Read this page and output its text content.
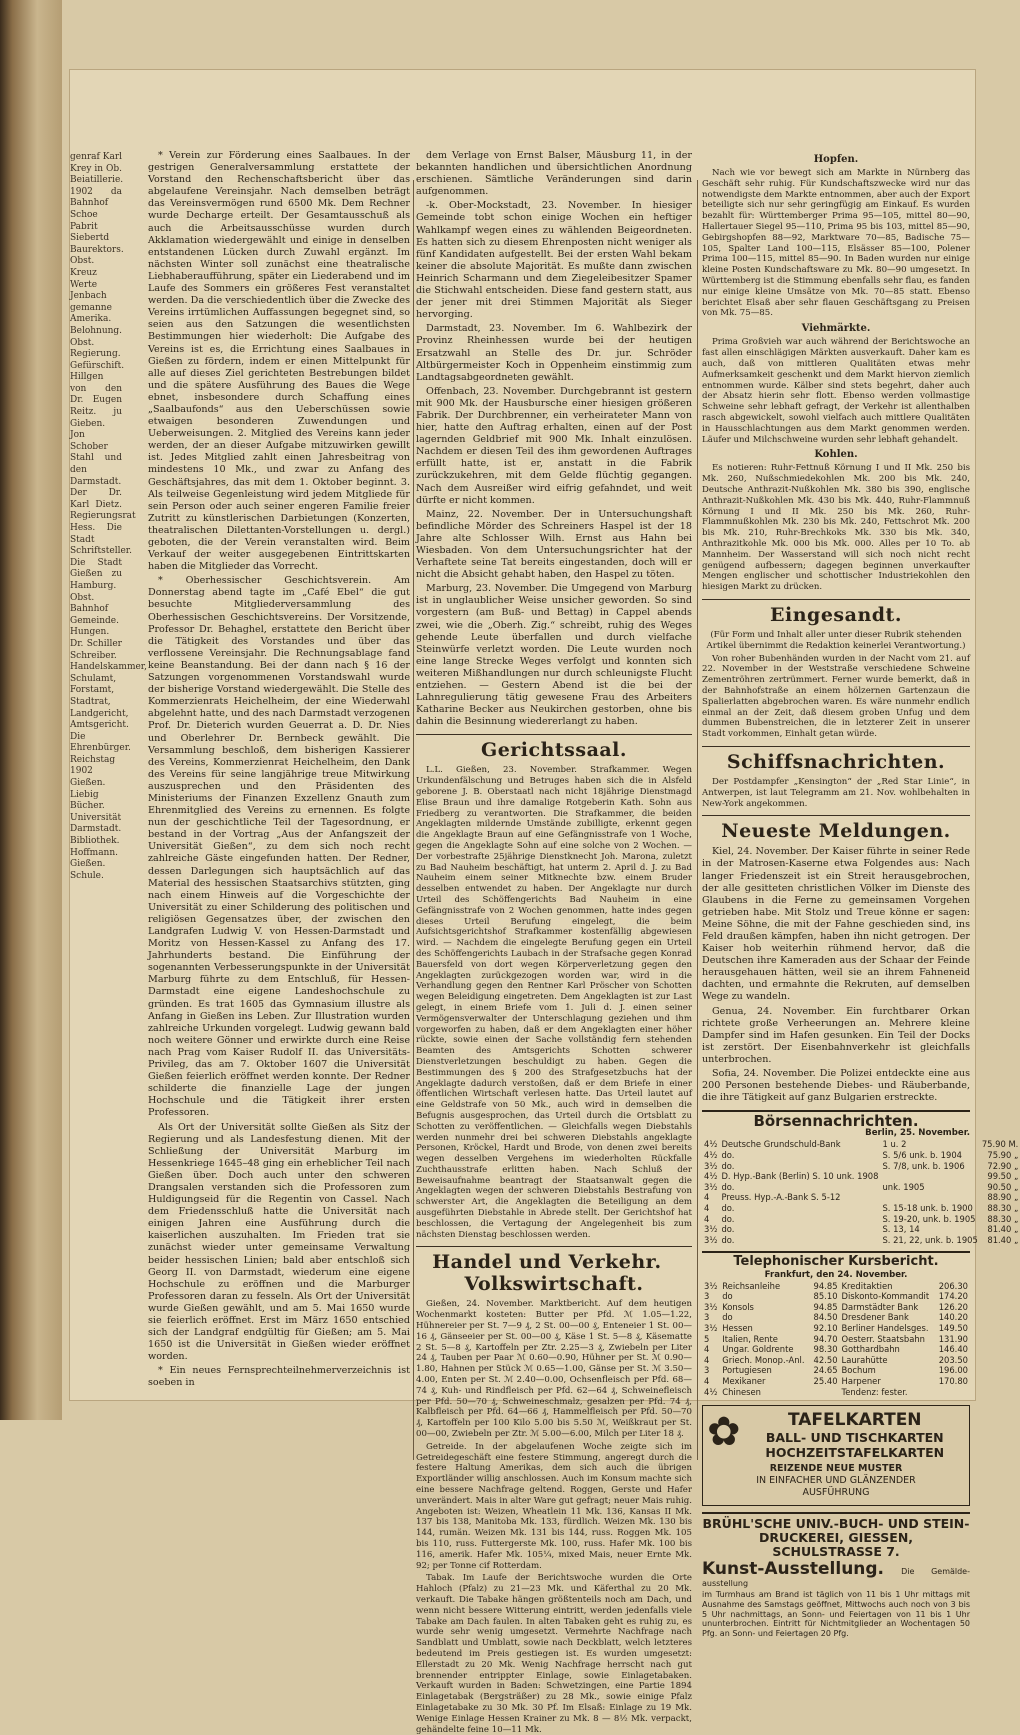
genraf Karl Krey in Ob. Beiatillerie. 1902 da Bahnhof Schoe Pabrit Siebertd Baurektors. Obst. Kreuz Werte Jenbach gemanne Amerika. Belohnung. Obst. Regierung. Gefürschift. Hillgen von den Dr. Eugen Reitz. ju Gieben. Jon Schober Stahl und den Darmstadt. Der Dr. Karl Dietz. Regierungsrat Hess. Die Stadt Schriftsteller. Die Stadt Gießen zu Hamburg. Obst. Bahnhof Gemeinde. Hungen. Dr. Schiller Schreiber. Handelskammer, Schulamt, Forstamt, Stadtrat, Landgericht, Amtsgericht. Die Ehrenbürger. Reichstag 1902 Gießen. Liebig Bücher. Universität Darmstadt. Bibliothek. Hoffmann. Gießen. Schule.

* Verein zur Förderung eines Saalbaues. In der gestrigen Generalversammlung erstattete der Vorstand den Rechenschaftsbericht über das abgelaufene Vereinsjahr. Nach demselben beträgt das Vereinsvermögen rund 6500 Mk. Dem Rechner wurde Decharge erteilt. Der Gesamtausschuß als auch die Arbeitsausschüsse wurden durch Akklamation wiedergewählt und einige in denselben entstandenen Lücken durch Zuwahl ergänzt. Im nächsten Winter soll zunächst eine theatralische Liebhaberaufführung, später ein Liederabend und im Laufe des Sommers ein größeres Fest veranstaltet werden. Da die verschiedentlich über die Zwecke des Vereins irrtümlichen Auffassungen begegnet sind, so seien aus den Satzungen die wesentlichsten Bestimmungen hier wiederholt: Die Aufgabe des Vereins ist es, die Errichtung eines Saalbaues in Gießen zu fördern, indem er einen Mittelpunkt für alle auf dieses Ziel gerichteten Bestrebungen bildet und die spätere Ausführung des Baues die Wege ebnet, insbesondere durch Schaffung eines „Saalbaufonds“ aus den Ueberschüssen sowie etwaigen besonderen Zuwendungen und Ueberweisungen. 2. Mitglied des Vereins kann jeder werden, der an dieser Aufgabe mitzuwirken gewillt ist. Jedes Mitglied zahlt einen Jahresbeitrag von mindestens 10 Mk., und zwar zu Anfang des Geschäftsjahres, das mit dem 1. Oktober beginnt. 3. Als teilweise Gegenleistung wird jedem Mitgliede für sein Person oder auch seiner engeren Familie freier Zutritt zu künstlerischen Darbietungen (Konzerten, theatralischen Dilettanten-Vorstellungen u. dergl.) geboten, die der Verein veranstalten wird. Beim Verkauf der weiter ausgegebenen Eintrittskarten haben die Mitglieder das Vorrecht.

* Oberhessischer Geschichtsverein. Am Donnerstag abend tagte im „Café Ebel“ die gut besuchte Mitgliederversammlung des Oberhessischen Geschichtsvereins. Der Vorsitzende, Professor Dr. Behaghel, erstattete den Bericht über die Tätigkeit des Vorstandes und über das verflossene Vereinsjahr. Die Rechnungsablage fand keine Beanstandung. Bei der dann nach § 16 der Satzungen vorgenommenen Vorstandswahl wurde der bisherige Vorstand wiedergewählt. Die Stelle des Kommerzienrats Heichelheim, der eine Wiederwahl abgelehnt hatte, und des nach Darmstadt verzogenen Prof. Dr. Dieterich wurden Geuerrat a. D. Dr. Nies und Oberlehrer Dr. Bernbeck gewählt. Die Versammlung beschloß, dem bisherigen Kassierer des Vereins, Kommerzienrat Heichelheim, den Dank des Vereins für seine langjährige treue Mitwirkung auszusprechen und den Präsidenten des Ministeriums der Finanzen Exzellenz Gnauth zum Ehrenmitglied des Vereins zu ernennen. Es folgte nun der geschichtliche Teil der Tagesordnung, er bestand in der Vortrag „Aus der Anfangszeit der Universität Gießen“, zu dem sich noch recht zahlreiche Gäste eingefunden hatten. Der Redner, dessen Darlegungen sich hauptsächlich auf das Material des hessischen Staatsarchivs stützten, ging nach einem Hinweis auf die Vorgeschichte der Universität zu einer Schilderung des politischen und religiösen Gegensatzes über, der zwischen den Landgrafen Ludwig V. von Hessen-Darmstadt und Moritz von Hessen-Kassel zu Anfang des 17. Jahrhunderts bestand. Die Einführung der sogenannten Verbesserungspunkte in der Universität Marburg führte zu dem Entschluß, für Hessen-Darmstadt eine eigene Landeshochschule zu gründen. Es trat 1605 das Gymnasium illustre als Anfang in Gießen ins Leben. Zur Illustration wurden zahlreiche Urkunden vorgelegt. Ludwig gewann bald noch weitere Gönner und erwirkte durch eine Reise nach Prag vom Kaiser Rudolf II. das Universitäts-Privileg, das am 7. Oktober 1607 die Universität Gießen feierlich eröffnet werden konnte. Der Redner schilderte die finanzielle Lage der jungen Hochschule und die Tätigkeit ihrer ersten Professoren.

Als Ort der Universität sollte Gießen als Sitz der Regierung und als Landesfestung dienen. Mit der Schließung der Universität Marburg im Hessenkriege 1645–48 ging ein erheblicher Teil nach Gießen über. Doch auch unter den schweren Drangsalen verstanden sich die Professoren zum Huldigungseid für die Regentin von Cassel. Nach dem Friedensschluß hatte die Universität nach einigen Jahren eine Ausführung durch die kaiserlichen auszuhalten. Im Frieden trat sie zunächst wieder unter gemeinsame Verwaltung beider hessischen Linien; bald aber entschloß sich Georg II. von Darmstadt, wiederum eine eigene Hochschule zu eröffnen und die Marburger Professoren daran zu fesseln. Als Ort der Universität wurde Gießen gewählt, und am 5. Mai 1650 wurde sie feierlich eröffnet. Erst im März 1650 entschied sich der Landgraf endgültig für Gießen; am 5. Mai 1650 ist die Universität in Gießen wieder eröffnet worden.

* Ein neues Fernsprechteilnehmerverzeichnis ist soeben in

dem Verlage von Ernst Balser, Mäusburg 11, in der bekannten handlichen und übersichtlichen Anordnung erschienen. Sämtliche Veränderungen sind darin aufgenommen.

-k. Ober-Mockstadt, 23. November. In hiesiger Gemeinde tobt schon einige Wochen ein heftiger Wahlkampf wegen eines zu wählenden Beigeordneten. Es hatten sich zu diesem Ehrenposten nicht weniger als fünf Kandidaten aufgestellt. Bei der ersten Wahl bekam keiner die absolute Majorität. Es mußte dann zwischen Heinrich Scharmann und dem Ziegeleibesitzer Spamer die Stichwahl entscheiden. Diese fand gestern statt, aus der jener mit drei Stimmen Majorität als Sieger hervorging.

Darmstadt, 23. November. Im 6. Wahlbezirk der Provinz Rheinhessen wurde bei der heutigen Ersatzwahl an Stelle des Dr. jur. Schröder Altbürgermeister Koch in Oppenheim einstimmig zum Landtagsabgeordneten gewählt.

Offenbach, 23. November. Durchgebrannt ist gestern mit 900 Mk. der Hausbursche einer hiesigen größeren Fabrik. Der Durchbrenner, ein verheirateter Mann von hier, hatte den Auftrag erhalten, einen auf der Post lagernden Geldbrief mit 900 Mk. Inhalt einzulösen. Nachdem er diesen Teil des ihm gewordenen Auftrages erfüllt hatte, ist er, anstatt in die Fabrik zurückzukehren, mit dem Gelde flüchtig gegangen. Nach dem Ausreißer wird eifrig gefahndet, und weit dürfte er nicht kommen.

Mainz, 22. November. Der in Untersuchungshaft befindliche Mörder des Schreiners Haspel ist der 18 Jahre alte Schlosser Wilh. Ernst aus Hahn bei Wiesbaden. Von dem Untersuchungsrichter hat der Verhaftete seine Tat bereits eingestanden, doch will er nicht die Absicht gehabt haben, den Haspel zu töten.

Marburg, 23. November. Die Umgegend von Marburg ist in unglaublicher Weise unsicher geworden. So sind vorgestern (am Buß- und Bettag) in Cappel abends zwei, wie die „Oberh. Zig.“ schreibt, ruhig des Weges gehende Leute überfallen und durch vielfache Steinwürfe verletzt worden. Die Leute wurden noch eine lange Strecke Weges verfolgt und konnten sich weiteren Mißhandlungen nur durch schleunigste Flucht entziehen. — Gestern Abend ist die bei der Lahnregulierung tätig gewesene Frau des Arbeiters Katharine Becker aus Neukirchen gestorben, ohne bis dahin die Besinnung wiedererlangt zu haben.

Gerichtssaal.

L.L. Gießen, 23. November. Strafkammer. Wegen Urkundenfälschung und Betruges haben sich die in Alsfeld geborene J. B. Oberstaatl nach nicht 18jährige Dienstmagd Elise Braun und ihre damalige Rotgeberin Kath. Sohn aus Friedberg zu verantworten. Die Strafkammer, die beiden Angeklagten mildernde Umstände zubilligte, erkennt gegen die Angeklagte Braun auf eine Gefängnisstrafe von 1 Woche, gegen die Angeklagte Sohn auf eine solche von 2 Wochen. — Der vorbestrafte 25jährige Dienstknecht Joh. Marona, zuletzt zu Bad Nauheim beschäftigt, hat unterm 2. April d. J. zu Bad Nauheim einem seiner Mitknechte bzw. einem Bruder desselben entwendet zu haben. Der Angeklagte nur durch Urteil des Schöffengerichts Bad Nauheim in eine Gefängnisstrafe von 2 Wochen genommen, hatte indes gegen dieses Urteil Berufung eingelegt, die beim Aufsichtsgerichtshof Strafkammer kostenfällig abgewiesen wird. — Nachdem die eingelegte Berufung gegen ein Urteil des Schöffengerichts Laubach in der Strafsache gegen Konrad Bauersfeld von dort wegen Körperverletzung gegen den Angeklagten zurückgezogen worden war, wird in die Verhandlung gegen den Rentner Karl Pröscher von Schotten wegen Beleidigung eingetreten. Dem Angeklagten ist zur Last gelegt, in einem Briefe vom 1. Juli d. J. einen seiner Vermögensverwalter der Unterschlagung geziehen und ihm vorgeworfen zu haben, daß er dem Angeklagten einer höher rückte, sowie einen der Sache vollständig fern stehenden Beamten des Amtsgerichts Schotten schwerer Dienstverletzungen beschuldigt zu haben. Gegen die Bestimmungen des § 200 des Strafgesetzbuchs hat der Angeklagte dadurch verstoßen, daß er dem Briefe in einer öffentlichen Wirtschaft verlesen hatte. Das Urteil lautet auf eine Geldstrafe von 50 Mk., auch wird in demselben die Befugnis ausgesprochen, das Urteil durch die Ortsblatt zu Schotten zu veröffentlichen. — Gleichfalls wegen Diebstahls werden nunmehr drei bei schweren Diebstahls angeklagte Personen, Kröckel, Hardt und Brode, von denen zwei bereits wegen desselben Vergehens im wiederholten Rückfalle Zuchthausstrafe erlitten haben. Nach Schluß der Beweisaufnahme beantragt der Staatsanwalt gegen die Angeklagten wegen der schweren Diebstahls Bestrafung von schwerster Art, die Angeklagten die Beteiligung an dem ausgeführten Diebstahle in Abrede stellt. Der Gerichtshof hat beschlossen, die Vertagung der Angelegenheit bis zum nächsten Dienstag beschlossen werden.

Handel und Verkehr.   Volkswirtschaft.

Gießen, 24. November. Marktbericht. Auf dem heutigen Wochenmarkt kosteten: Butter per Pfd. ℳ 1.05—1.22, Hühnereier per St. 7—9 ₰, 2 St. 00—00 ₰, Enteneier 1 St. 00—16 ₰, Gänseeier per St. 00—00 ₰, Käse 1 St. 5—8 ₰, Käsematte 2 St. 5—8 ₰, Kartoffeln per Ztr. 2.25—3 ₰, Zwiebeln per Liter 24 ₰, Tauben per Paar ℳ 0.60—0.90, Hühner per St. ℳ 0.90—1.80, Hahnen per Stück ℳ 0.65—1.00, Gänse per St. ℳ 3.50—4.00, Enten per St. ℳ 2.40—0.00, Ochsenfleisch per Pfd. 68—74 ₰, Kuh- und Rindfleisch per Pfd. 62—64 ₰, Schweinefleisch per Pfd. 50—70 ₰, Schweineschmalz, gesalzen per Pfd. 74 ₰, Kalbfleisch per Pfd. 64—66 ₰, Hammelfleisch per Pfd. 50—70 ₰, Kartoffeln per 100 Kilo 5.00 bis 5.50 ℳ, Weißkraut per St. 00—00, Zwiebeln per Ztr. ℳ 5.00—6.00, Milch per Liter 18 ₰.

Getreide. In der abgelaufenen Woche zeigte sich im Getreidegeschäft eine festere Stimmung, angeregt durch die festere Haltung Amerikas, dem sich auch die übrigen Exportländer willig anschlossen. Auch im Konsum machte sich eine bessere Nachfrage geltend. Roggen, Gerste und Hafer unverändert. Mais in alter Ware gut gefragt; neuer Mais ruhig. Angeboten ist: Weizen, Wheatlein 11 Mk. 136, Kansas II Mk. 137 bis 138, Manitoba Mk. 133, fürdlich. Weizen Mk. 130 bis 144, rumän. Weizen Mk. 131 bis 144, russ. Roggen Mk. 105 bis 110, russ. Futtergerste Mk. 100, russ. Hafer Mk. 100 bis 116, amerik. Hafer Mk. 105¼, mixed Mais, neuer Ernte Mk. 92; per Tonne cif Rotterdam.

Tabak. Im Laufe der Berichtswoche wurden die Orte Hahloch (Pfalz) zu 21—23 Mk. und Käferthal zu 20 Mk. verkauft. Die Tabake hängen größtenteils noch am Dach, und wenn nicht bessere Witterung eintritt, werden jedenfalls viele Tabake am Dach faulen. In alten Tabaken geht es ruhig zu, es wurde sehr wenig umgesetzt. Vermehrte Nachfrage nach Sandblatt und Umblatt, sowie nach Deckblatt, welch letzteres bedeutend im Preis gestiegen ist. Es wurden umgesetzt: Ellerstadt zu 20 Mk. Wenig Nachfrage herrscht nach gut brennender entrippter Einlage, sowie Einlagetabaken. Verkauft wurden in Baden: Schwetzingen, eine Partie 1894 Einlagetabak (Bergsträßer) zu 28 Mk., sowie einige Pfalz Einlagetabake zu 30 Mk. 30 Pf. Im Elsaß: Einlage zu 19 Mk. Wenige Einlage Hessen Krainer zu Mk. 8 — 8½ Mk. verpackt, gehändelte feine 10—11 Mk.

Hopfen.

Nach wie vor bewegt sich am Markte in Nürnberg das Geschäft sehr ruhig. Für Kundschaftszwecke wird nur das notwendigste dem Markte entnommen, aber auch der Export beteiligte sich nur sehr geringfügig am Einkauf. Es wurden bezahlt für: Württemberger Prima 95—105, mittel 80—90, Hallertauer Siegel 95—110, Prima 95 bis 103, mittel 85—90, Gebirgshopfen 88—92, Marktware 70—85, Badische 75—105, Spalter Land 100—115, Elsässer 85—100, Polener Prima 100—115, mittel 85—90. In Baden wurden nur einige kleine Posten Kundschaftsware zu Mk. 80—90 umgesetzt. In Württemberg ist die Stimmung ebenfalls sehr flau, es fanden nur einige kleine Umsätze von Mk. 70—85 statt. Ebenso berichtet Elsaß aber sehr flauen Geschäftsgang zu Preisen von Mk. 75—85.

Viehmärkte.

Prima Großvieh war auch während der Berichtswoche an fast allen einschlägigen Märkten ausverkauft. Daher kam es auch, daß von mittleren Qualitäten etwas mehr Aufmerksamkeit geschenkt und dem Markt hiervon ziemlich entnommen wurde. Kälber sind stets begehrt, daher auch der Absatz hierin sehr flott. Ebenso werden vollmastige Schweine sehr lebhaft gefragt, der Verkehr ist allenthalben rasch abgewickelt, sowohl vielfach auch mittlere Qualitäten in Hausschlachtungen aus dem Markt genommen werden. Läufer und Milchschweine wurden sehr lebhaft gehandelt.

Kohlen.

Es notieren: Ruhr-Fettnuß Körnung I und II Mk. 250 bis Mk. 260, Nußschmiedekohlen Mk. 200 bis Mk. 240, Deutsche Anthrazit-Nußkohlen Mk. 380 bis 390, englische Anthrazit-Nußkohlen Mk. 430 bis Mk. 440, Ruhr-Flammnuß Körnung I und II Mk. 250 bis Mk. 260, Ruhr-Flammnußkohlen Mk. 230 bis Mk. 240, Fettschrot Mk. 200 bis Mk. 210, Ruhr-Brechkoks Mk. 330 bis Mk. 340, Anthrazitkohle Mk. 000 bis Mk. 000. Alles per 10 To. ab Mannheim. Der Wasserstand will sich noch nicht recht genügend aufbessern; dagegen beginnen unverkaufter Mengen englischer und schottischer Industriekohlen den hiesigen Markt zu drücken.

Eingesandt.

(Für Form und Inhalt aller unter dieser Rubrik stehenden Artikel übernimmt die Redaktion keinerlei Verantwortung.)

Von roher Bubenhänden wurden in der Nacht vom 21. auf 22. November in der Weststraße verschiedene Schweine Zementröhren zertrümmert. Ferner wurde bemerkt, daß in der Bahnhofstraße an einem hölzernen Gartenzaun die Spalierlatten abgebrochen waren. Es wäre nunmehr endlich einmal an der Zeit, daß diesem groben Unfug und dem dummen Bubenstreichen, die in letzterer Zeit in unserer Stadt vorkommen, Einhalt getan würde.

Schiffsnachrichten.

Der Postdampfer „Kensington“ der „Red Star Linie“, in Antwerpen, ist laut Telegramm am 21. Nov. wohlbehalten in New-York angekommen.

Neueste Meldungen.

Kiel, 24. November. Der Kaiser führte in seiner Rede in der Matrosen-Kaserne etwa Folgendes aus: Nach langer Friedenszeit ist ein Streit herausgebrochen, der alle gesitteten christlichen Völker im Dienste des Glaubens in die Ferne zu gemeinsamen Vorgehen getrieben habe. Mit Stolz und Treue könne er sagen: Meine Söhne, die mit der Fahne geschieden sind, ins Feld draußen kämpfen, haben ihn nicht getrogen. Der Kaiser hob weiterhin rühmend hervor, daß die Deutschen ihre Kameraden aus der Schaar der Feinde herausgehauen hätten, weil sie an ihrem Fahneneid dachten, und ermahnte die Rekruten, auf demselben Wege zu wandeln.

Genua, 24. November. Ein furchtbarer Orkan richtete große Verheerungen an. Mehrere kleine Dampfer sind im Hafen gesunken. Ein Teil der Docks ist zerstört. Der Eisenbahnverkehr ist gleichfalls unterbrochen.

Sofia, 24. November. Die Polizei entdeckte eine aus 200 Personen bestehende Diebes- und Räuberbande, die ihre Tätigkeit auf ganz Bulgarien erstreckte.

Börsennachrichten.
Berlin, 25. November.
4½	Deutsche Grundschuld-Bank	1 u. 2	75.90 M.
4½	do.	S. 5/6 unk. b. 1904	75.90 „
3½	do.	S. 7/8, unk. b. 1906	72.90 „
4½	D. Hyp.-Bank (Berlin) S. 10 unk. 1908		99.50 „
3½	do.	unk. 1905	90.50 „
4	Preuss. Hyp.-A.-Bank S. 5-12		88.90 „
4	do.	S. 15-18 unk. b. 1900	88.30 „
4	do.	S. 19-20, unk. b. 1905	88.30 „
3½	do.	S. 13, 14	81.40 „
3½	do.	S. 21, 22, unk. b. 1905	81.40 „
Telephonischer Kursbericht.
Frankfurt, den 24. November.
3½	Reichsanleihe	94.85	Kreditaktien	206.30
3	do	85.10	Diskonto-Kommandit	174.20
3½	Konsols	94.85	Darmstädter Bank	126.20
3	do	84.50	Dresdener Bank	140.20
3½	Hessen	92.10	Berliner Handelsges.	149.50
5	Italien, Rente	94.70	Oesterr. Staatsbahn	131.90
4	Ungar. Goldrente	98.30	Gotthardbahn	146.40
4	Griech. Monop.-Anl.	42.50	Laurahütte	203.50
3	Portugiesen	24.65	Bochum	196.00
4	Mexikaner	25.40	Harpener	170.80
4½	Chinesen		Tendenz: fester.	
✿	TAFELKARTEN
BALL- UND TISCHKARTEN
HOCHZEITSTAFELKARTEN
REIZENDE NEUE MUSTER
IN EINFACHER UND GLÄNZENDER
AUSFÜHRUNG
BRÜHL'SCHE UNIV.-BUCH- UND STEIN-
DRUCKEREI, GIESSEN, SCHULSTRASSE 7.
Kunst-Ausstellung. Die Gemälde-ausstellung
im Turmhaus am Brand ist täglich von 11 bis 1 Uhr mittags mit Ausnahme des Samstags geöffnet, Mittwochs auch noch von 3 bis 5 Uhr nachmittags, an Sonn- und Feiertagen von 11 bis 1 Uhr ununterbrochen. Eintritt für Nichtmitglieder an Wochentagen 50 Pfg. an Sonn- und Feiertagen 20 Pfg.
